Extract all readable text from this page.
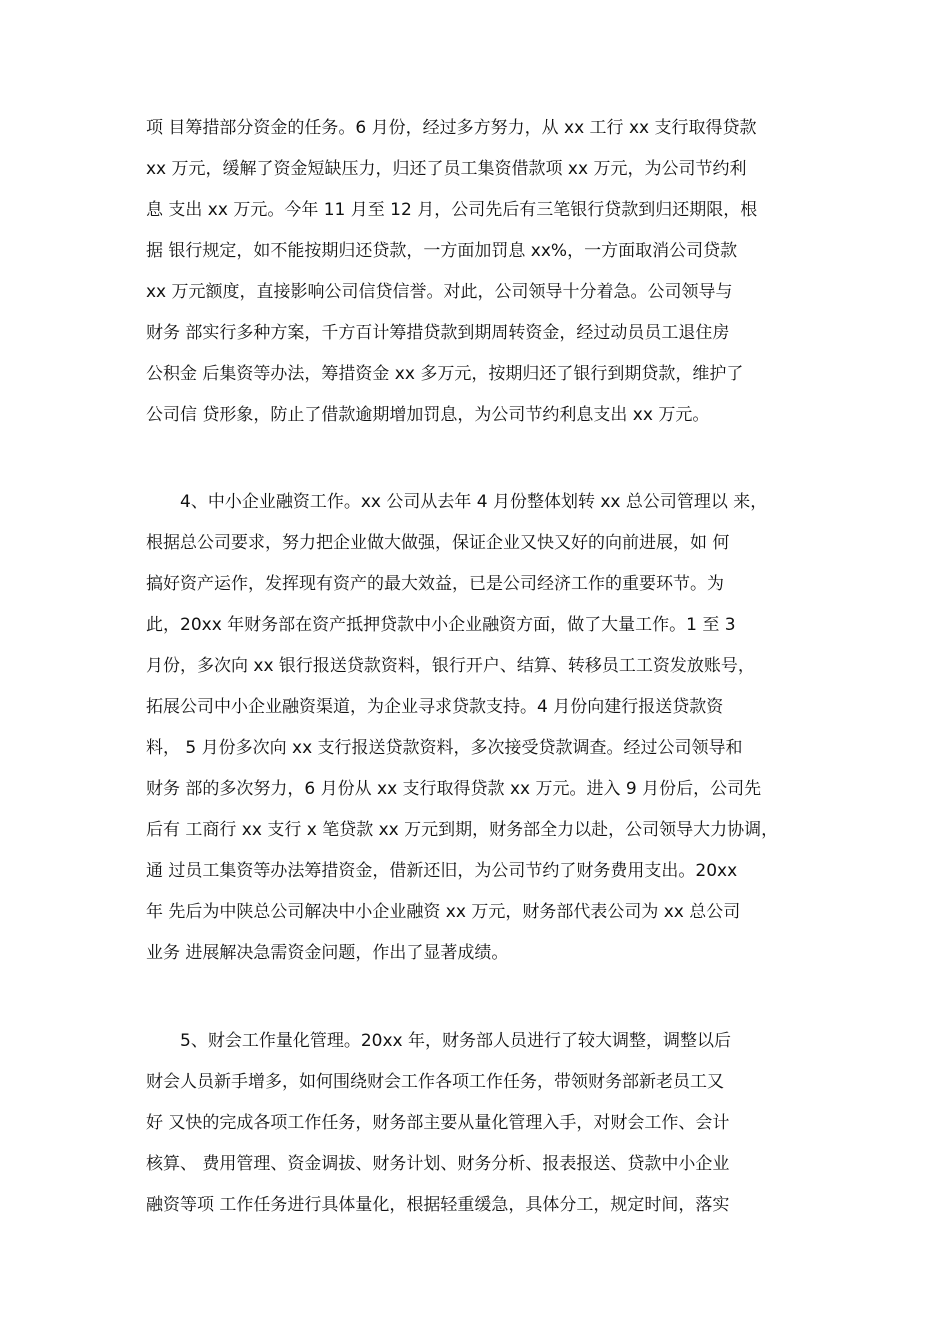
项 目筹措部分资金的任务。6 月份，经过多方努力，从 xx 工行 xx 支行取得贷款
xx 万元，缓解了资金短缺压力，归还了员工集资借款项 xx 万元，为公司节约利
息 支出 xx 万元。今年 11 月至 12 月，公司先后有三笔银行贷款到归还期限，根
据 银行规定，如不能按期归还贷款，一方面加罚息 xx%，一方面取消公司贷款
xx 万元额度，直接影响公司信贷信誉。对此，公司领导十分着急。公司领导与
财务 部实行多种方案，千方百计筹措贷款到期周转资金，经过动员员工退住房
公积金 后集资等办法，筹措资金 xx 多万元，按期归还了银行到期贷款，维护了
公司信 贷形象，防止了借款逾期增加罚息，为公司节约利息支出 xx 万元。
　　4、中小企业融资工作。xx 公司从去年 4 月份整体划转 xx 总公司管理以 来，
根据总公司要求，努力把企业做大做强，保证企业又快又好的向前进展，如 何
搞好资产运作，发挥现有资产的最大效益，已是公司经济工作的重要环节。为
此，20xx 年财务部在资产抵押贷款中小企业融资方面，做了大量工作。1 至 3
月份，多次向 xx 银行报送贷款资料，银行开户、结算、转移员工工资发放账号，
拓展公司中小企业融资渠道，为企业寻求贷款支持。4 月份向建行报送贷款资
料， 5 月份多次向 xx 支行报送贷款资料，多次接受贷款调查。经过公司领导和
财务 部的多次努力，6 月份从 xx 支行取得贷款 xx 万元。进入 9 月份后，公司先
后有 工商行 xx 支行 x 笔贷款 xx 万元到期，财务部全力以赴，公司领导大力协调，
通 过员工集资等办法筹措资金，借新还旧，为公司节约了财务费用支出。20xx
年 先后为中陕总公司解决中小企业融资 xx 万元，财务部代表公司为 xx 总公司
业务 进展解决急需资金问题，作出了显著成绩。
　　5、财会工作量化管理。20xx 年，财务部人员进行了较大调整，调整以后
财会人员新手增多，如何围绕财会工作各项工作任务，带领财务部新老员工又
好 又快的完成各项工作任务，财务部主要从量化管理入手，对财会工作、会计
核算、 费用管理、资金调拔、财务计划、财务分析、报表报送、贷款中小企业
融资等项 工作任务进行具体量化，根据轻重缓急，具体分工，规定时间，落实
